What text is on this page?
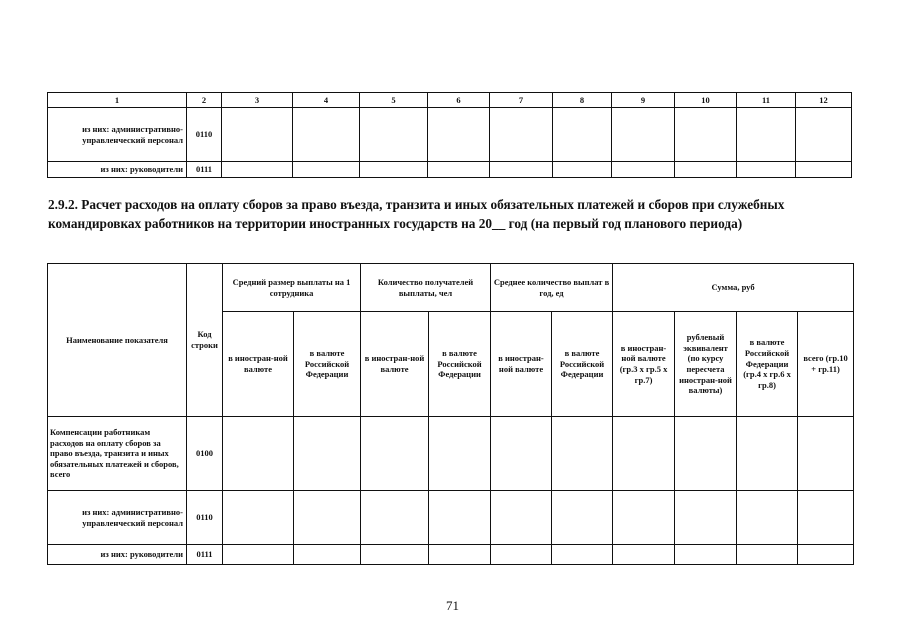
1	2	3	4	5	6	7	8	9	10	11	12
из них: административно-управленческий персонал	0110										
из них: руководители	0111										
2.9.2. Расчет расходов на оплату сборов за право въезда, транзита и иных обязательных платежей и сборов при служебных командировках работников на территории иностранных государств на 20__ год (на первый год планового периода)
Наименование показателя	Код строки	Средний размер выплаты на 1 сотрудника		Количество получателей выплаты, чел		Среднее количество выплат в год, ед		Сумма, руб			
		в иностран-ной валюте	в валюте Российской Федерации	в иностран-ной валюте	в валюте Российской Федерации	в иностран-ной валюте	в валюте Российской Федерации	в иностран-ной валюте (гр.3 х гр.5 х гр.7)	рублевый эквивалент (по курсу пересчета иностран-ной валюты)	в валюте Российской Федерации (гр.4 х гр.6 х гр.8)	всего (гр.10 + гр.11)
Компенсации работникам расходов на оплату сборов за право въезда, транзита и иных обязательных платежей и сборов, всего	0100										
из них: административно-управленческий персонал	0110										
из них: руководители	0111										
71
